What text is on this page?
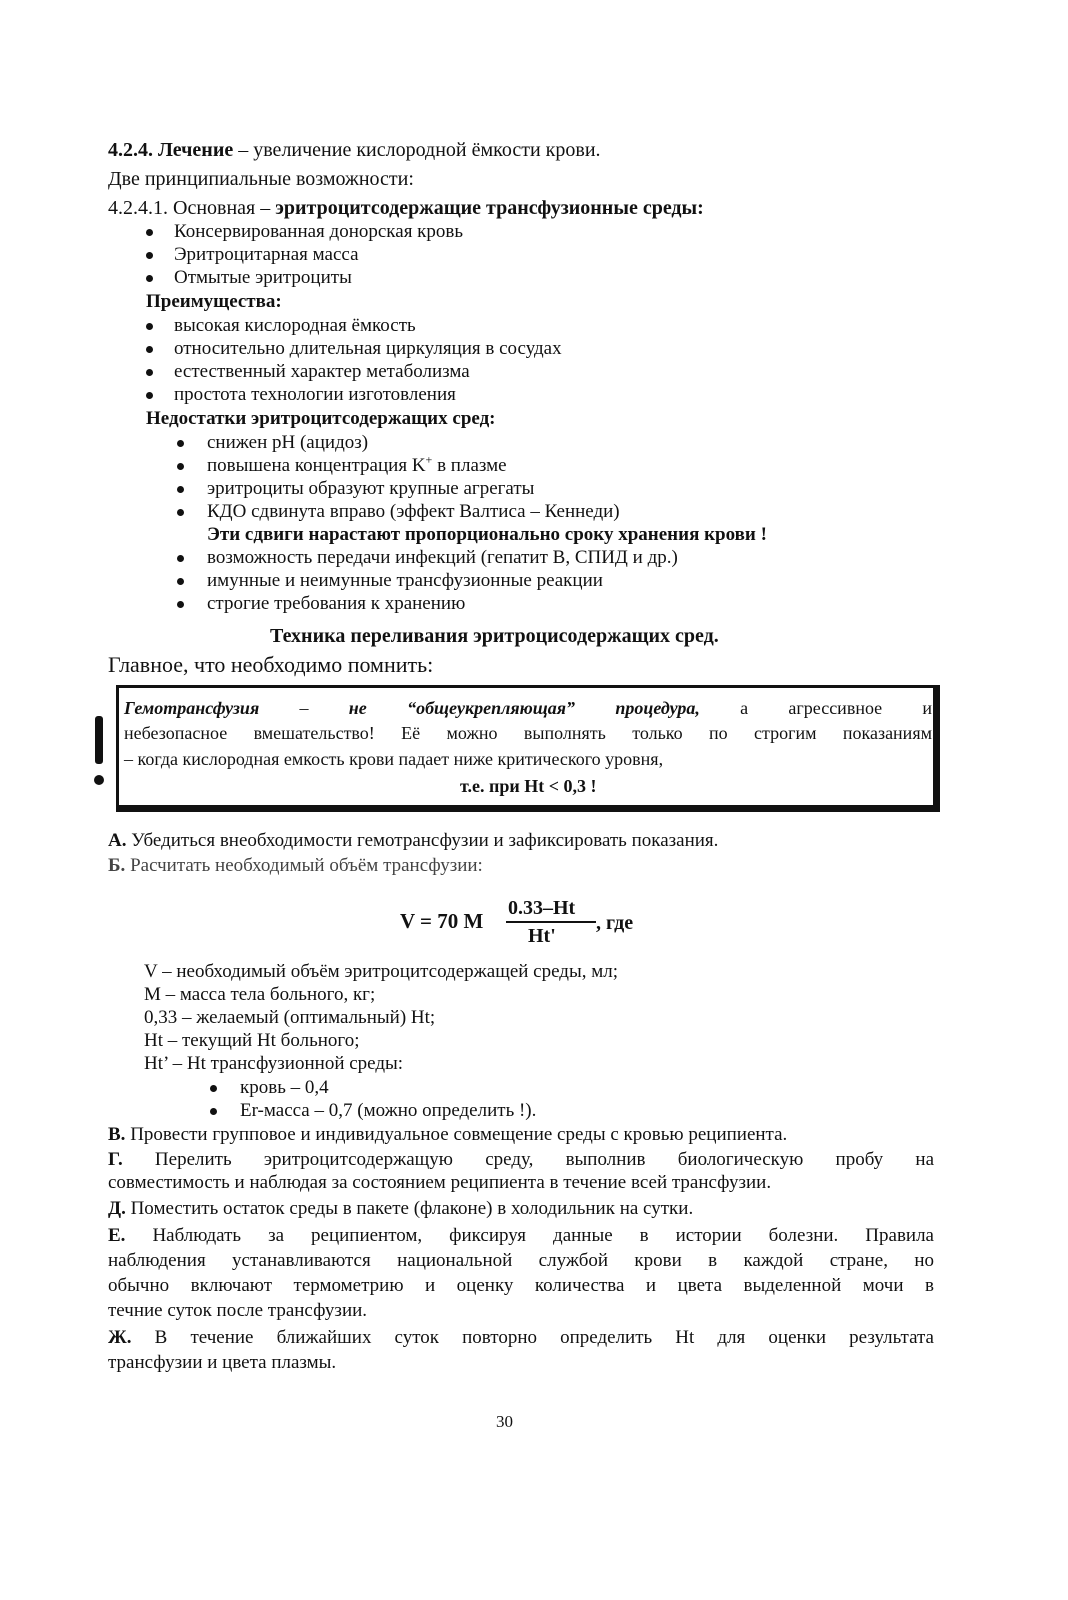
4.2.4. Лечение – увеличение кислородной ёмкости крови.
Две принципиальные возможности:
4.2.4.1. Основная – эритроцитсодержащие трансфузионные среды:
Консервированная донорская кровь
Эритроцитарная масса
Отмытые эритроциты
Преимущества:
высокая кислородная ёмкость
относительно длительная циркуляция в сосудах
естественный характер метаболизма
простота технологии изготовления
Недостатки эритроцитсодержащих сред:
снижен pH (ацидоз)
повышена концентрация K+ в плазме
эритроциты образуют крупные агрегаты
КДО сдвинута вправо (эффект Валтиса – Кеннеди)
Эти сдвиги нарастают пропорционально сроку хранения крови !
возможность передачи инфекций (гепатит В, СПИД и др.)
имунные и неимунные трансфузионные реакции
строгие требования к хранению
Техника переливания эритроцисодержащих сред.
Главное, что необходимо помнить:
Гемотрансфузия – не “общеукрепляющая” процедура, а агрессивное и
небезопасное вмешательство! Её можно выполнять только по строгим показаниям
– когда кислородная емкость крови падает ниже критического уровня,
т.е. при Ht < 0,3 !
А. Убедиться внеобходимости гемотрансфузии и зафиксировать показания.
Б. Расчитать необходимый объём трансфузии:
V = 70 M
0.33–Ht
Ht'
, где
V – необходимый объём эритроцитсодержащей среды, мл;
M – масса тела больного, кг;
0,33 – желаемый (оптимальный) Ht;
Ht – текущий Ht больного;
Ht’ – Ht трансфузионной среды:
кровь – 0,4
Er-масса – 0,7 (можно определить !).
В. Провести групповое и индивидуальное совмещение среды с кровью реципиента.
Г. Перелить эритроцитсодержащую среду, выполнив биологическую пробу на
совместимость и наблюдая за состоянием реципиента в течение всей трансфузии.
Д. Поместить остаток среды в пакете (флаконе) в холодильник на сутки.
Е. Наблюдать за реципиентом, фиксируя данные в истории болезни. Правила
наблюдения устанавливаются национальной службой крови в каждой стране, но
обычно включают термометрию и оценку количества и цвета выделенной мочи в
течние суток после трансфузии.
Ж. В течение ближайших суток повторно определить Ht для оценки результата
трансфузии и цвета плазмы.
30
